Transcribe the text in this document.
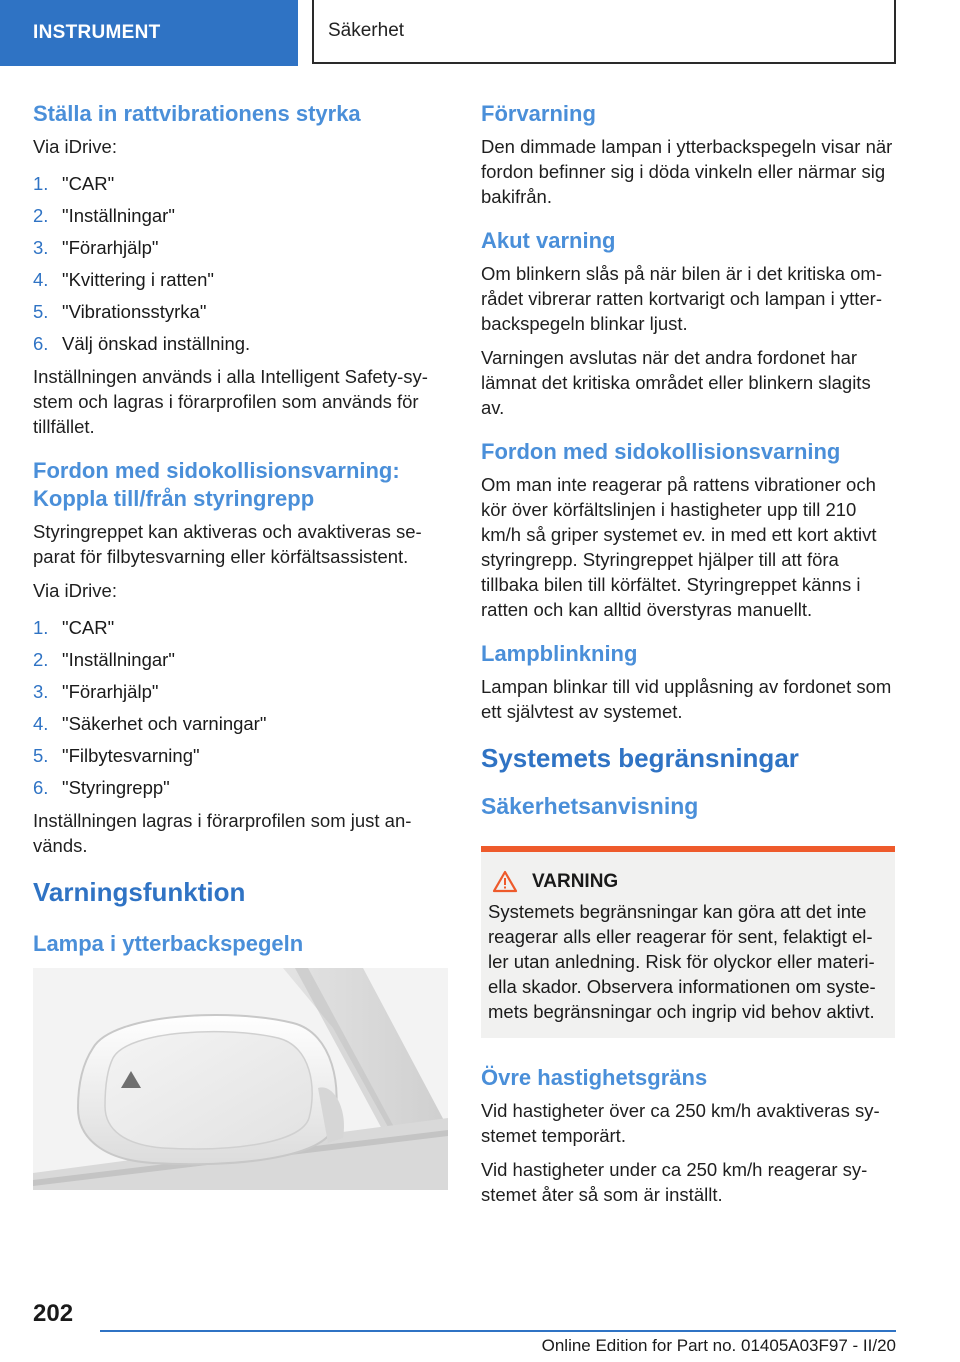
INSTRUMENT	Säkerhet
Ställa in rattvibrationens styrka
Via iDrive:
1. "CAR"
2. "Inställningar"
3. "Förarhjälp"
4. "Kvittering i ratten"
5. "Vibrationsstyrka"
6. Välj önskad inställning.
Inställningen används i alla Intelligent Safety-sy-stem och lagras i förarprofilen som används för tillfället.
Fordon med sidokollisionsvarning: Koppla till/från styringrepp
Styringreppet kan aktiveras och avaktiveras se-parat för filbytesvarning eller körfältsassistent.
Via iDrive:
1. "CAR"
2. "Inställningar"
3. "Förarhjälp"
4. "Säkerhet och varningar"
5. "Filbytesvarning"
6. "Styringrepp"
Inställningen lagras i förarprofilen som just an-vänds.
Varningsfunktion
Lampa i ytterbackspegeln
Förvarning
Den dimmade lampan i ytterbackspegeln visar när fordon befinner sig i döda vinkeln eller närmar sig bakifrån.
Akut varning
Om blinkern slås på när bilen är i det kritiska om-rådet vibrerar ratten kortvarigt och lampan i ytter-backspegeln blinkar ljust.
Varningen avslutas när det andra fordonet har lämnat det kritiska området eller blinkern slagits av.
Fordon med sidokollisionsvarning
Om man inte reagerar på rattens vibrationer och kör över körfältslinjen i hastigheter upp till 210 km/h så griper systemet ev. in med ett kort aktivt styringrepp. Styringreppet hjälper till att föra tillbaka bilen till körfältet. Styringreppet känns i ratten och kan alltid överstyras manuellt.
Lampblinkning
Lampan blinkar till vid upplåsning av fordonet som ett självtest av systemet.
Systemets begränsningar
Säkerhetsanvisning
VARNING
Systemets begränsningar kan göra att det inte reagerar alls eller reagerar för sent, felaktigt el-ler utan anledning. Risk för olyckor eller materi-ella skador. Observera informationen om syste-mets begränsningar och ingrip vid behov aktivt.
Övre hastighetsgräns
Vid hastigheter över ca 250 km/h avaktiveras sy-stemet temporärt.
Vid hastigheter under ca 250 km/h reagerar sy-stemet åter så som är inställt.
202
Online Edition for Part no. 01405A03F97 - II/20
